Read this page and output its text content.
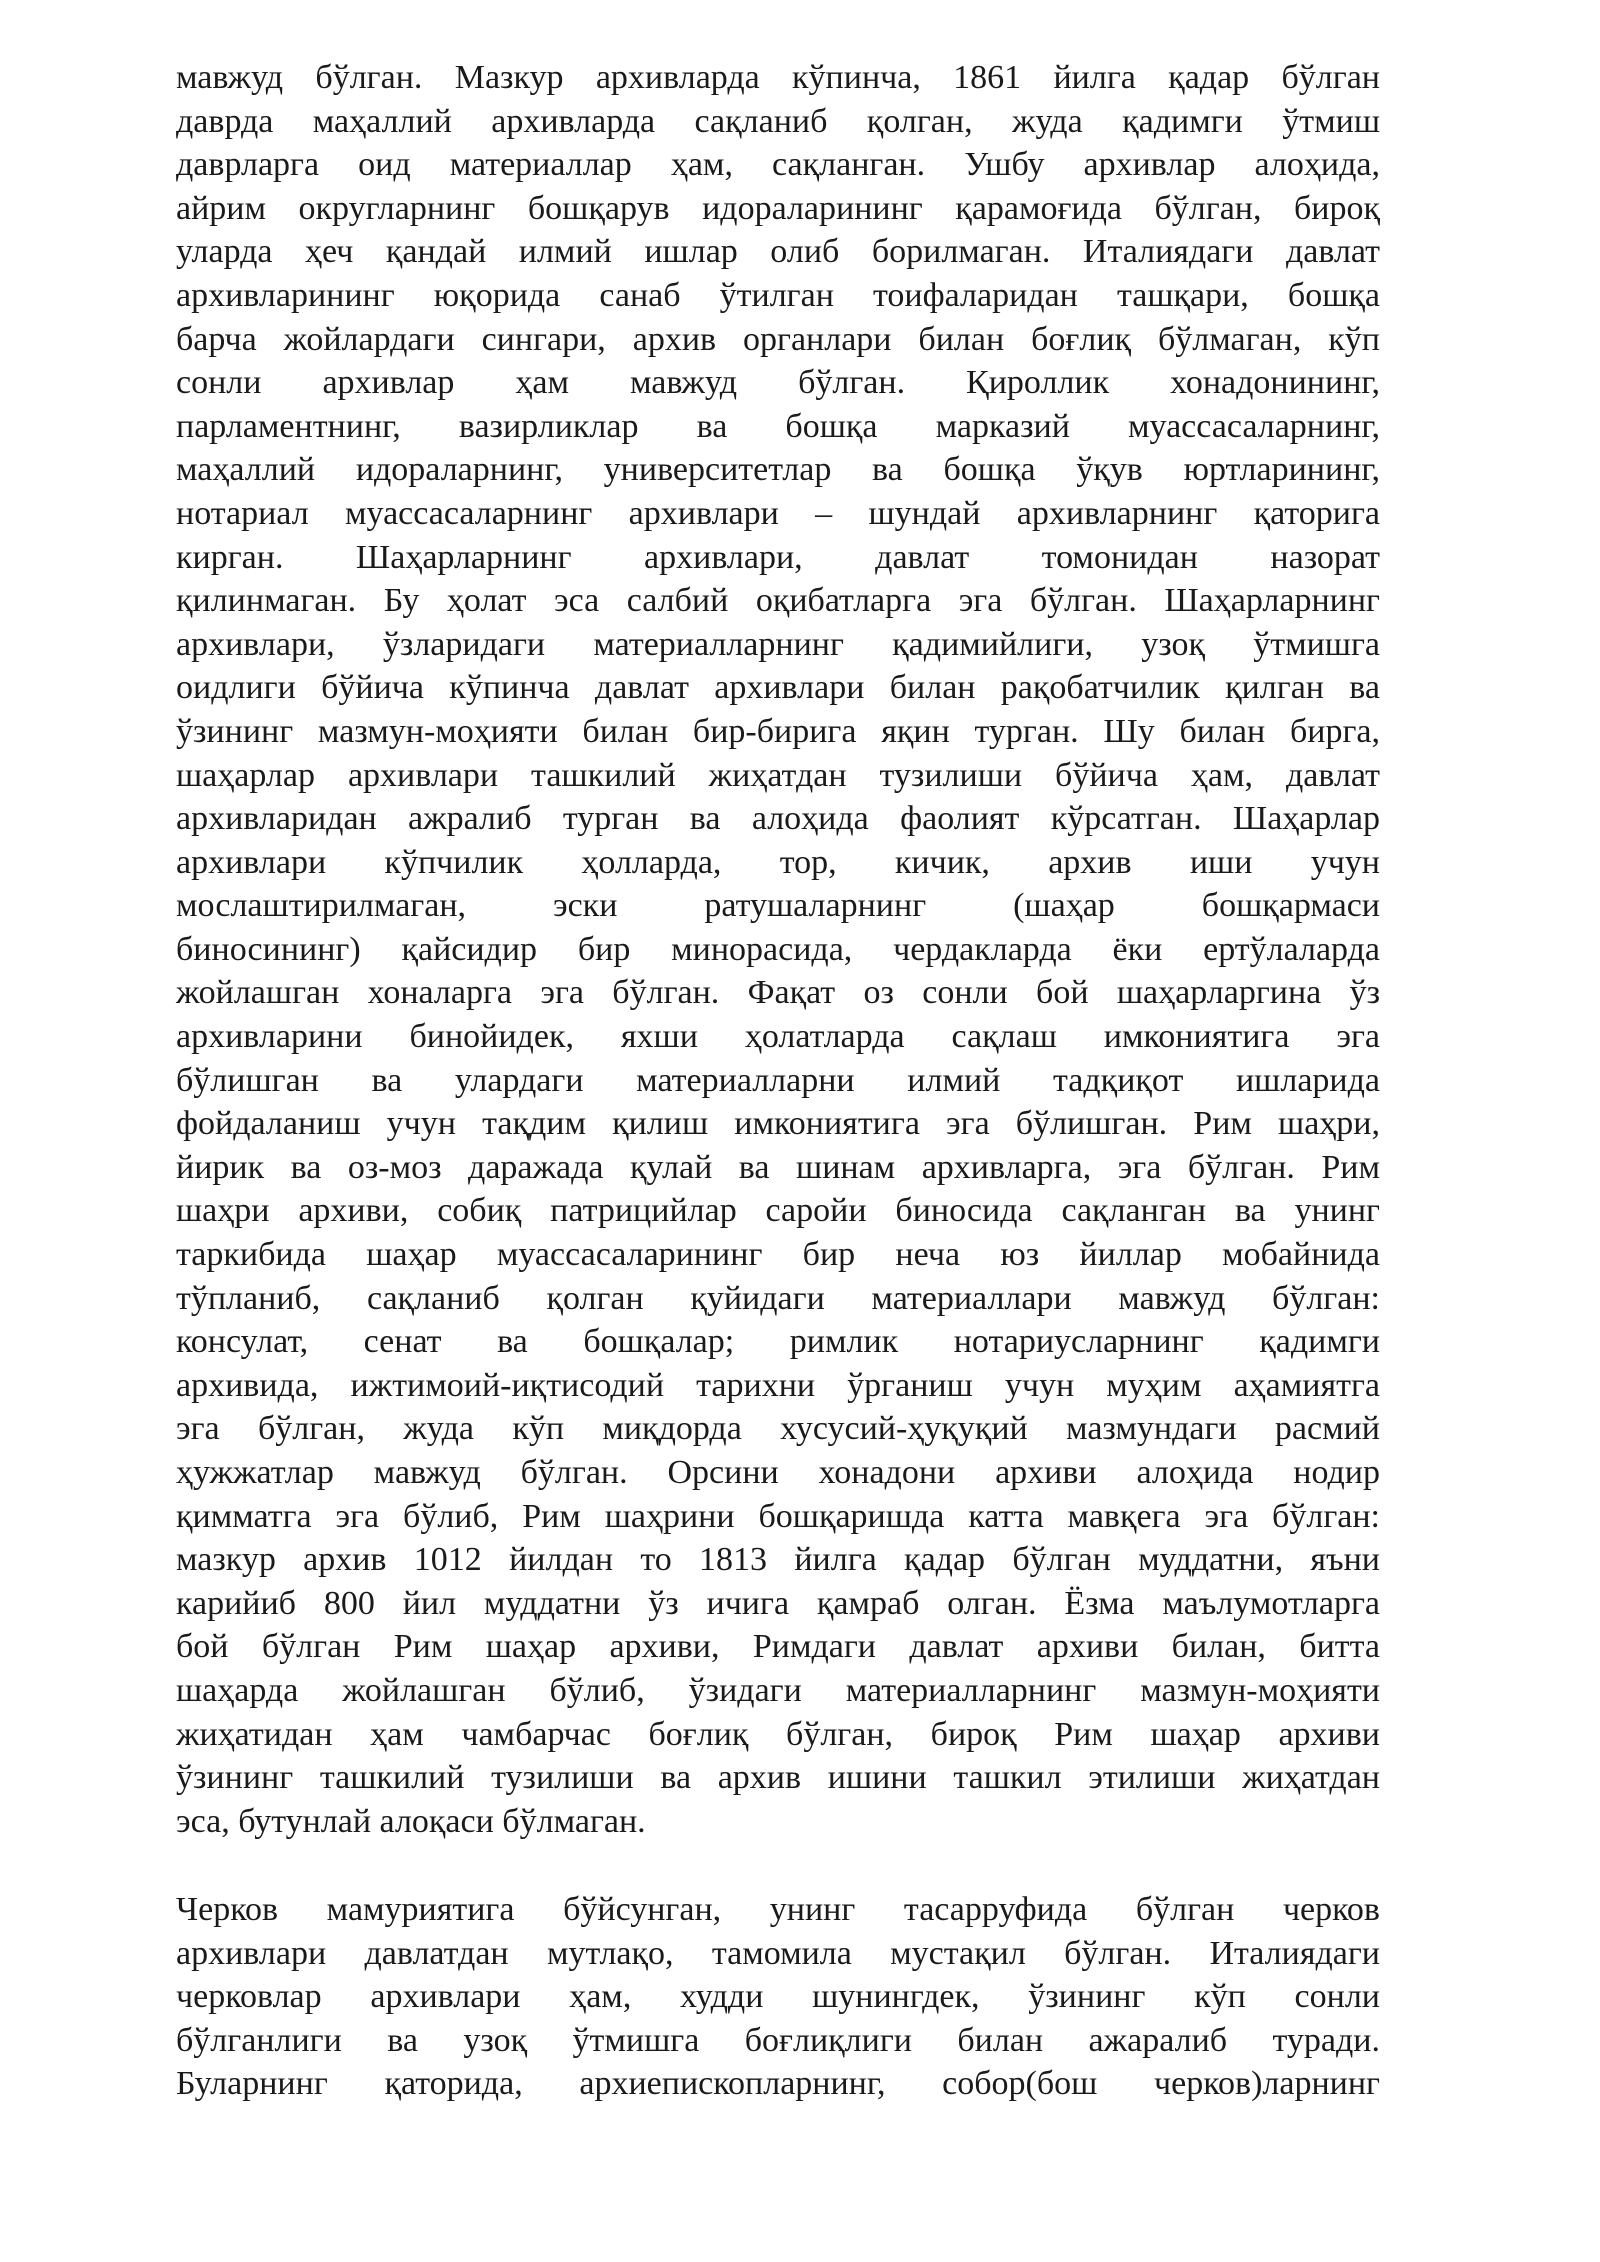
мавжуд бўлган. Мазкур архивларда кўпинча, 1861 йилга қадар бўлган
даврда маҳаллий архивларда сақланиб қолган, жуда қадимги ўтмиш
даврларга оид материаллар ҳам, сақланган. Ушбу архивлар алоҳида,
айрим округларнинг бошқарув идораларининг қарамоғида бўлган, бироқ
уларда ҳеч қандай илмий ишлар олиб борилмаган. Италиядаги давлат
архивларининг юқорида санаб ўтилган тоифаларидан ташқари, бошқа
барча жойлардаги сингари, архив органлари билан боғлиқ бўлмаган, кўп
сонли архивлар ҳам мавжуд бўлган. Қироллик хонадонининг,
парламентнинг, вазирликлар ва бошқа марказий муассасаларнинг,
маҳаллий идораларнинг, университетлар ва бошқа ўқув юртларининг,
нотариал муассасаларнинг архивлари – шундай архивларнинг қаторига
кирган. Шаҳарларнинг архивлари, давлат томонидан назорат
қилинмаган. Бу ҳолат эса салбий оқибатларга эга бўлган. Шаҳарларнинг
архивлари, ўзларидаги материалларнинг қадимийлиги, узоқ ўтмишга
оидлиги бўйича кўпинча давлат архивлари билан рақобатчилик қилган ва
ўзининг мазмун-моҳияти билан бир-бирига яқин турган. Шу билан бирга,
шаҳарлар архивлари ташкилий жиҳатдан тузилиши бўйича ҳам, давлат
архивларидан ажралиб турган ва алоҳида фаолият кўрсатган. Шаҳарлар
архивлари кўпчилик ҳолларда, тор, кичик, архив иши учун
мослаштирилмаган, эски ратушаларнинг (шаҳар бошқармаси
биносининг) қайсидир бир минорасида, чердакларда ёки ертўлаларда
жойлашган хоналарга эга бўлган. Фақат оз сонли бой шаҳарларгина ўз
архивларини бинойидек, яхши ҳолатларда сақлаш имкониятига эга
бўлишган ва улардаги материалларни илмий тадқиқот ишларида
фойдаланиш учун тақдим қилиш имкониятига эга бўлишган. Рим шаҳри,
йирик ва оз-моз даражада қулай ва шинам архивларга, эга бўлган. Рим
шаҳри архиви, собиқ патрицийлар саройи биносида сақланган ва унинг
таркибида шаҳар муассасаларининг бир неча юз йиллар мобайнида
тўпланиб, сақланиб қолган қуйидаги материаллари мавжуд бўлган:
консулат, сенат ва бошқалар; римлик нотариусларнинг қадимги
архивида, ижтимоий-иқтисодий тарихни ўрганиш учун муҳим аҳамиятга
эга бўлган, жуда кўп миқдорда хусусий-ҳуқуқий мазмундаги расмий
ҳужжатлар мавжуд бўлган. Орсини хонадони архиви алоҳида нодир
қимматга эга бўлиб, Рим шаҳрини бошқаришда катта мавқега эга бўлган:
мазкур архив 1012 йилдан то 1813 йилга қадар бўлган муддатни, яъни
карийиб 800 йил муддатни ўз ичига қамраб олган. Ёзма маълумотларга
бой бўлган Рим шаҳар архиви, Римдаги давлат архиви билан, битта
шаҳарда жойлашган бўлиб, ўзидаги материалларнинг мазмун-моҳияти
жиҳатидан ҳам чамбарчас боғлиқ бўлган, бироқ Рим шаҳар архиви
ўзининг ташкилий тузилиши ва архив ишини ташкил этилиши жиҳатдан
эса, бутунлай алоқаси бўлмаган.
Черков мамуриятига бўйсунган, унинг тасарруфида бўлган черков
архивлари давлатдан мутлақо, тамомила мустақил бўлган. Италиядаги
черковлар архивлари ҳам, худди шунингдек, ўзининг кўп сонли
бўлганлиги ва узоқ ўтмишга боғлиқлиги билан ажаралиб туради.
Буларнинг қаторида, архиепископларнинг, собор(бош черков)ларнинг
